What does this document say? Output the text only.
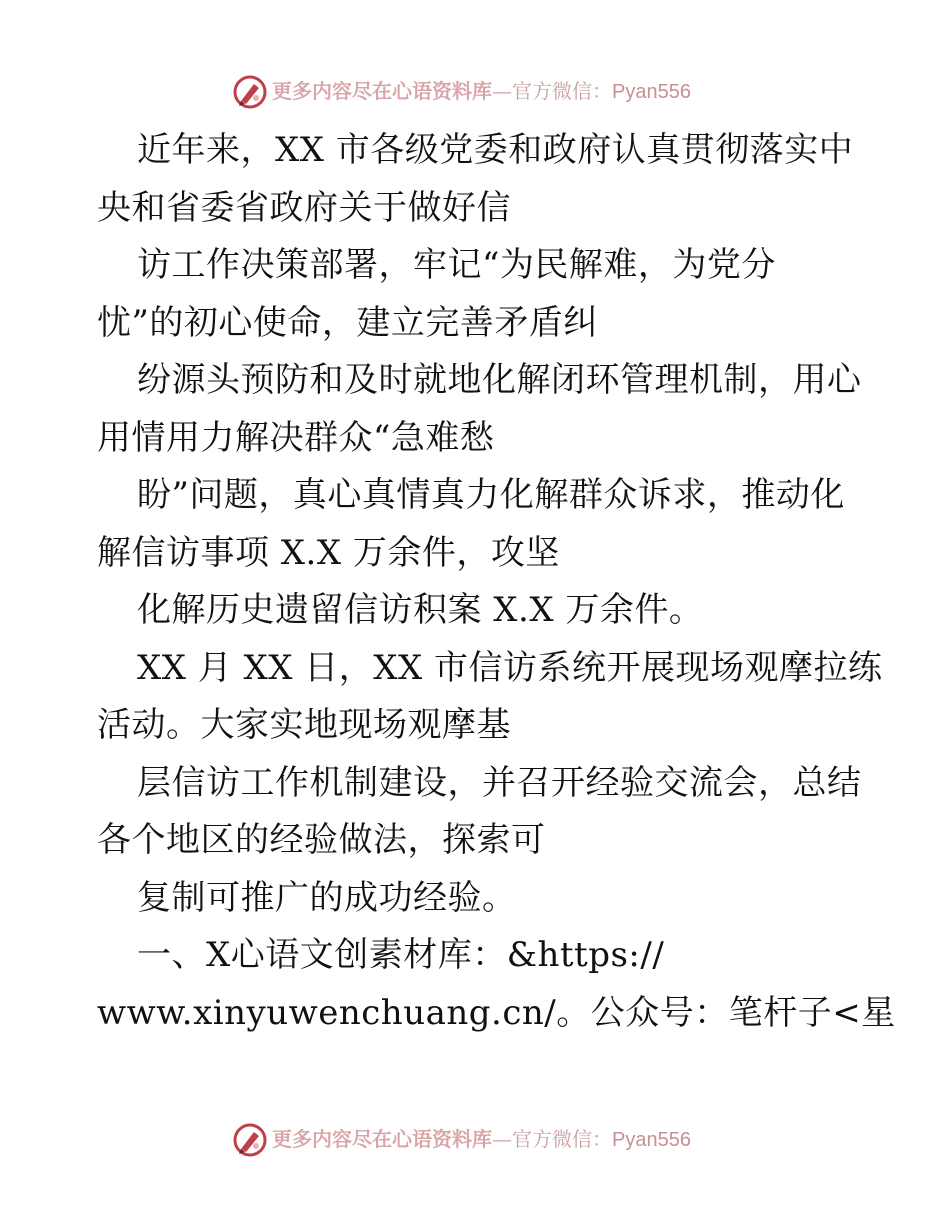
更多内容尽在心语资料库—官方微信：Pyan556
近年来，XX 市各级党委和政府认真贯彻落实中
央和省委省政府关于做好信
访工作决策部署，牢记“为民解难，为党分
忧”的初心使命，建立完善矛盾纠
纷源头预防和及时就地化解闭环管理机制，用心
用情用力解决群众“急难愁
盼”问题，真心真情真力化解群众诉求，推动化
解信访事项 X.X 万余件，攻坚
化解历史遗留信访积案 X.X 万余件。
XX 月 XX 日，XX 市信访系统开展现场观摩拉练
活动。大家实地现场观摩基
层信访工作机制建设，并召开经验交流会，总结
各个地区的经验做法，探索可
复制可推广的成功经验。
一、X心语文创素材库：&https://
www.xinyuwenchuang.cn/。公众号：笔杆子<星
更多内容尽在心语资料库—官方微信：Pyan556
